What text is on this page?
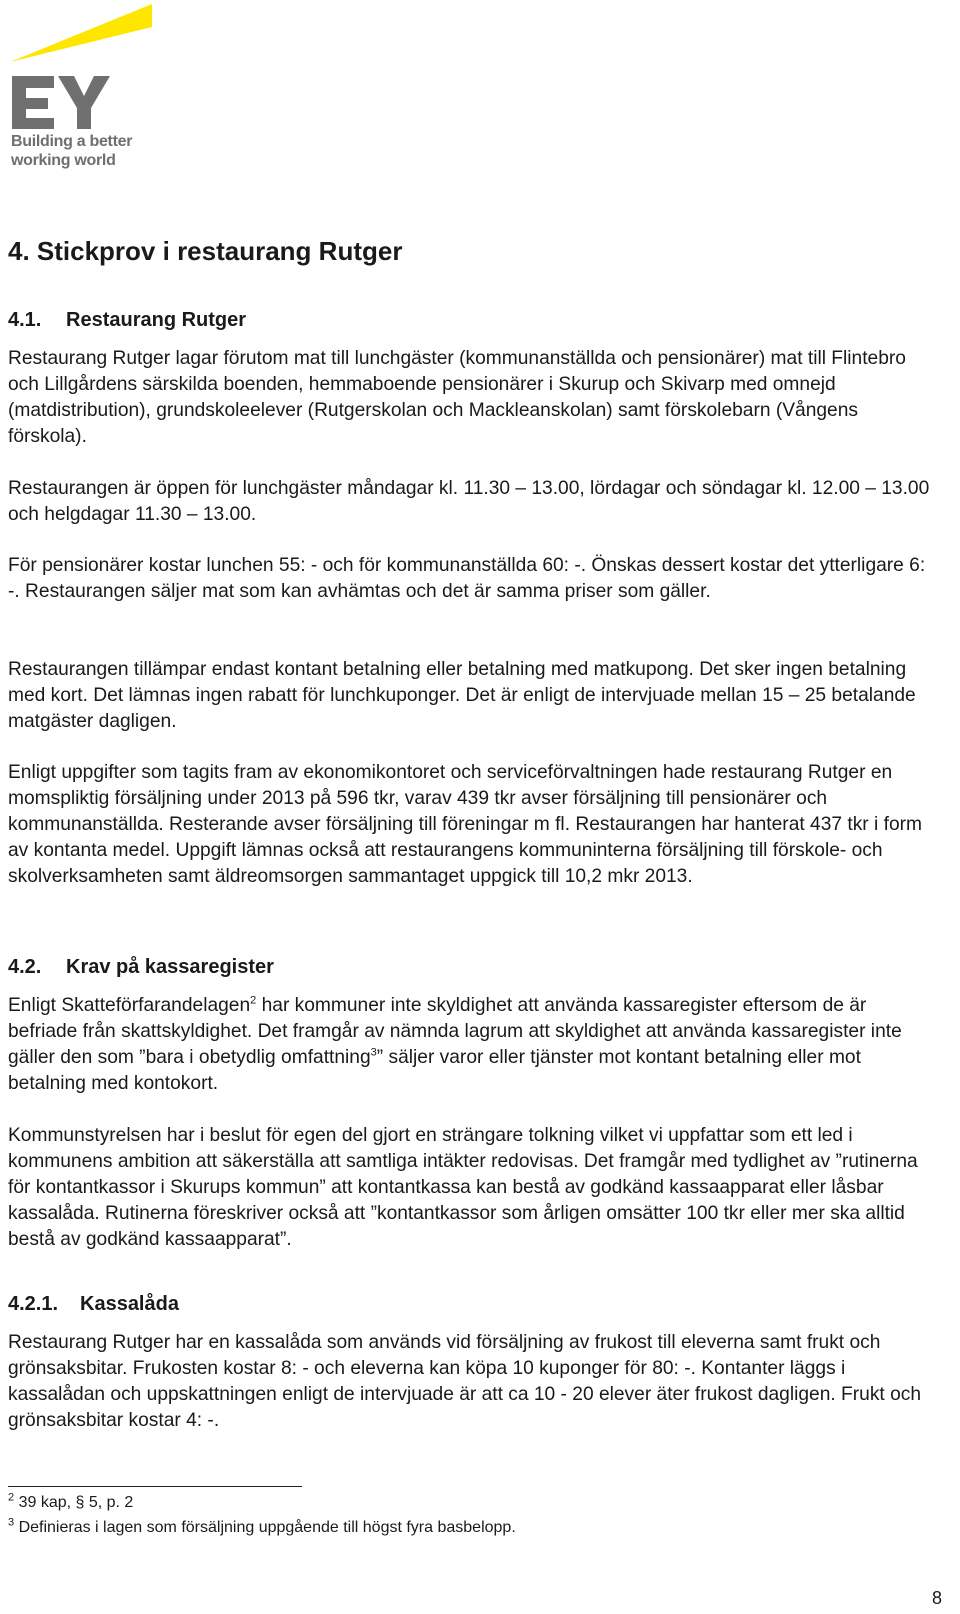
Building a better
working world
4. Stickprov i restaurang Rutger
4.1. Restaurang Rutger

Restaurang Rutger lagar förutom mat till lunchgäster (kommunanställda och pensionärer) mat till Flintebro och Lillgårdens särskilda boenden, hemmaboende pensionärer i Skurup och Skivarp med omnejd (matdistribution), grundskoleelever (Rutgerskolan och Mackleanskolan) samt förskolebarn (Vångens förskola).

Restaurangen är öppen för lunchgäster måndagar kl. 11.30 – 13.00, lördagar och söndagar kl. 12.00 – 13.00 och helgdagar 11.30 – 13.00.

För pensionärer kostar lunchen 55: - och för kommunanställda 60: -. Önskas dessert kostar det ytterligare 6: -. Restaurangen säljer mat som kan avhämtas och det är samma priser som gäller.

Restaurangen tillämpar endast kontant betalning eller betalning med matkupong. Det sker ingen betalning med kort. Det lämnas ingen rabatt för lunchkuponger. Det är enligt de intervjuade mellan 15 – 25 betalande matgäster dagligen.

Enligt uppgifter som tagits fram av ekonomikontoret och serviceförvaltningen hade restaurang Rutger en momspliktig försäljning under 2013 på 596 tkr, varav 439 tkr avser försäljning till pensionärer och kommunanställda. Resterande avser försäljning till föreningar m fl. Restaurangen har hanterat 437 tkr i form av kontanta medel. Uppgift lämnas också att restaurangens kommuninterna försäljning till förskole- och skolverksamheten samt äldreomsorgen sammantaget uppgick till 10,2 mkr 2013.

4.2. Krav på kassaregister

Enligt Skatteförfarandelagen$^2$ har kommuner inte skyldighet att använda kassaregister eftersom de är befriade från skattskyldighet. Det framgår av nämnda lagrum att skyldighet att använda kassaregister inte gäller den som ”bara i obetydlig omfattning$^3$” säljer varor eller tjänster mot kontant betalning eller mot betalning med kontokort.

Kommunstyrelsen har i beslut för egen del gjort en strängare tolkning vilket vi uppfattar som ett led i kommunens ambition att säkerställa att samtliga intäkter redovisas. Det framgår med tydlighet av ”rutinerna för kontantkassor i Skurups kommun” att kontantkassa kan bestå av godkänd kassaapparat eller låsbar kassalåda. Rutinerna föreskriver också att ”kontantkassor som årligen omsätter 100 tkr eller mer ska alltid bestå av godkänd kassaapparat”.

4.2.1. Kassalåda

Restaurang Rutger har en kassalåda som används vid försäljning av frukost till eleverna samt frukt och grönsaksbitar. Frukosten kostar 8: - och eleverna kan köpa 10 kuponger för 80: -. Kontanter läggs i kassalådan och uppskattningen enligt de intervjuade är att ca 10 - 20 elever äter frukost dagligen. Frukt och grönsaksbitar kostar 4: -.

$^2$ 39 kap, § 5, p. 2
$^3$ Definieras i lagen som försäljning uppgående till högst fyra basbelopp.
8
